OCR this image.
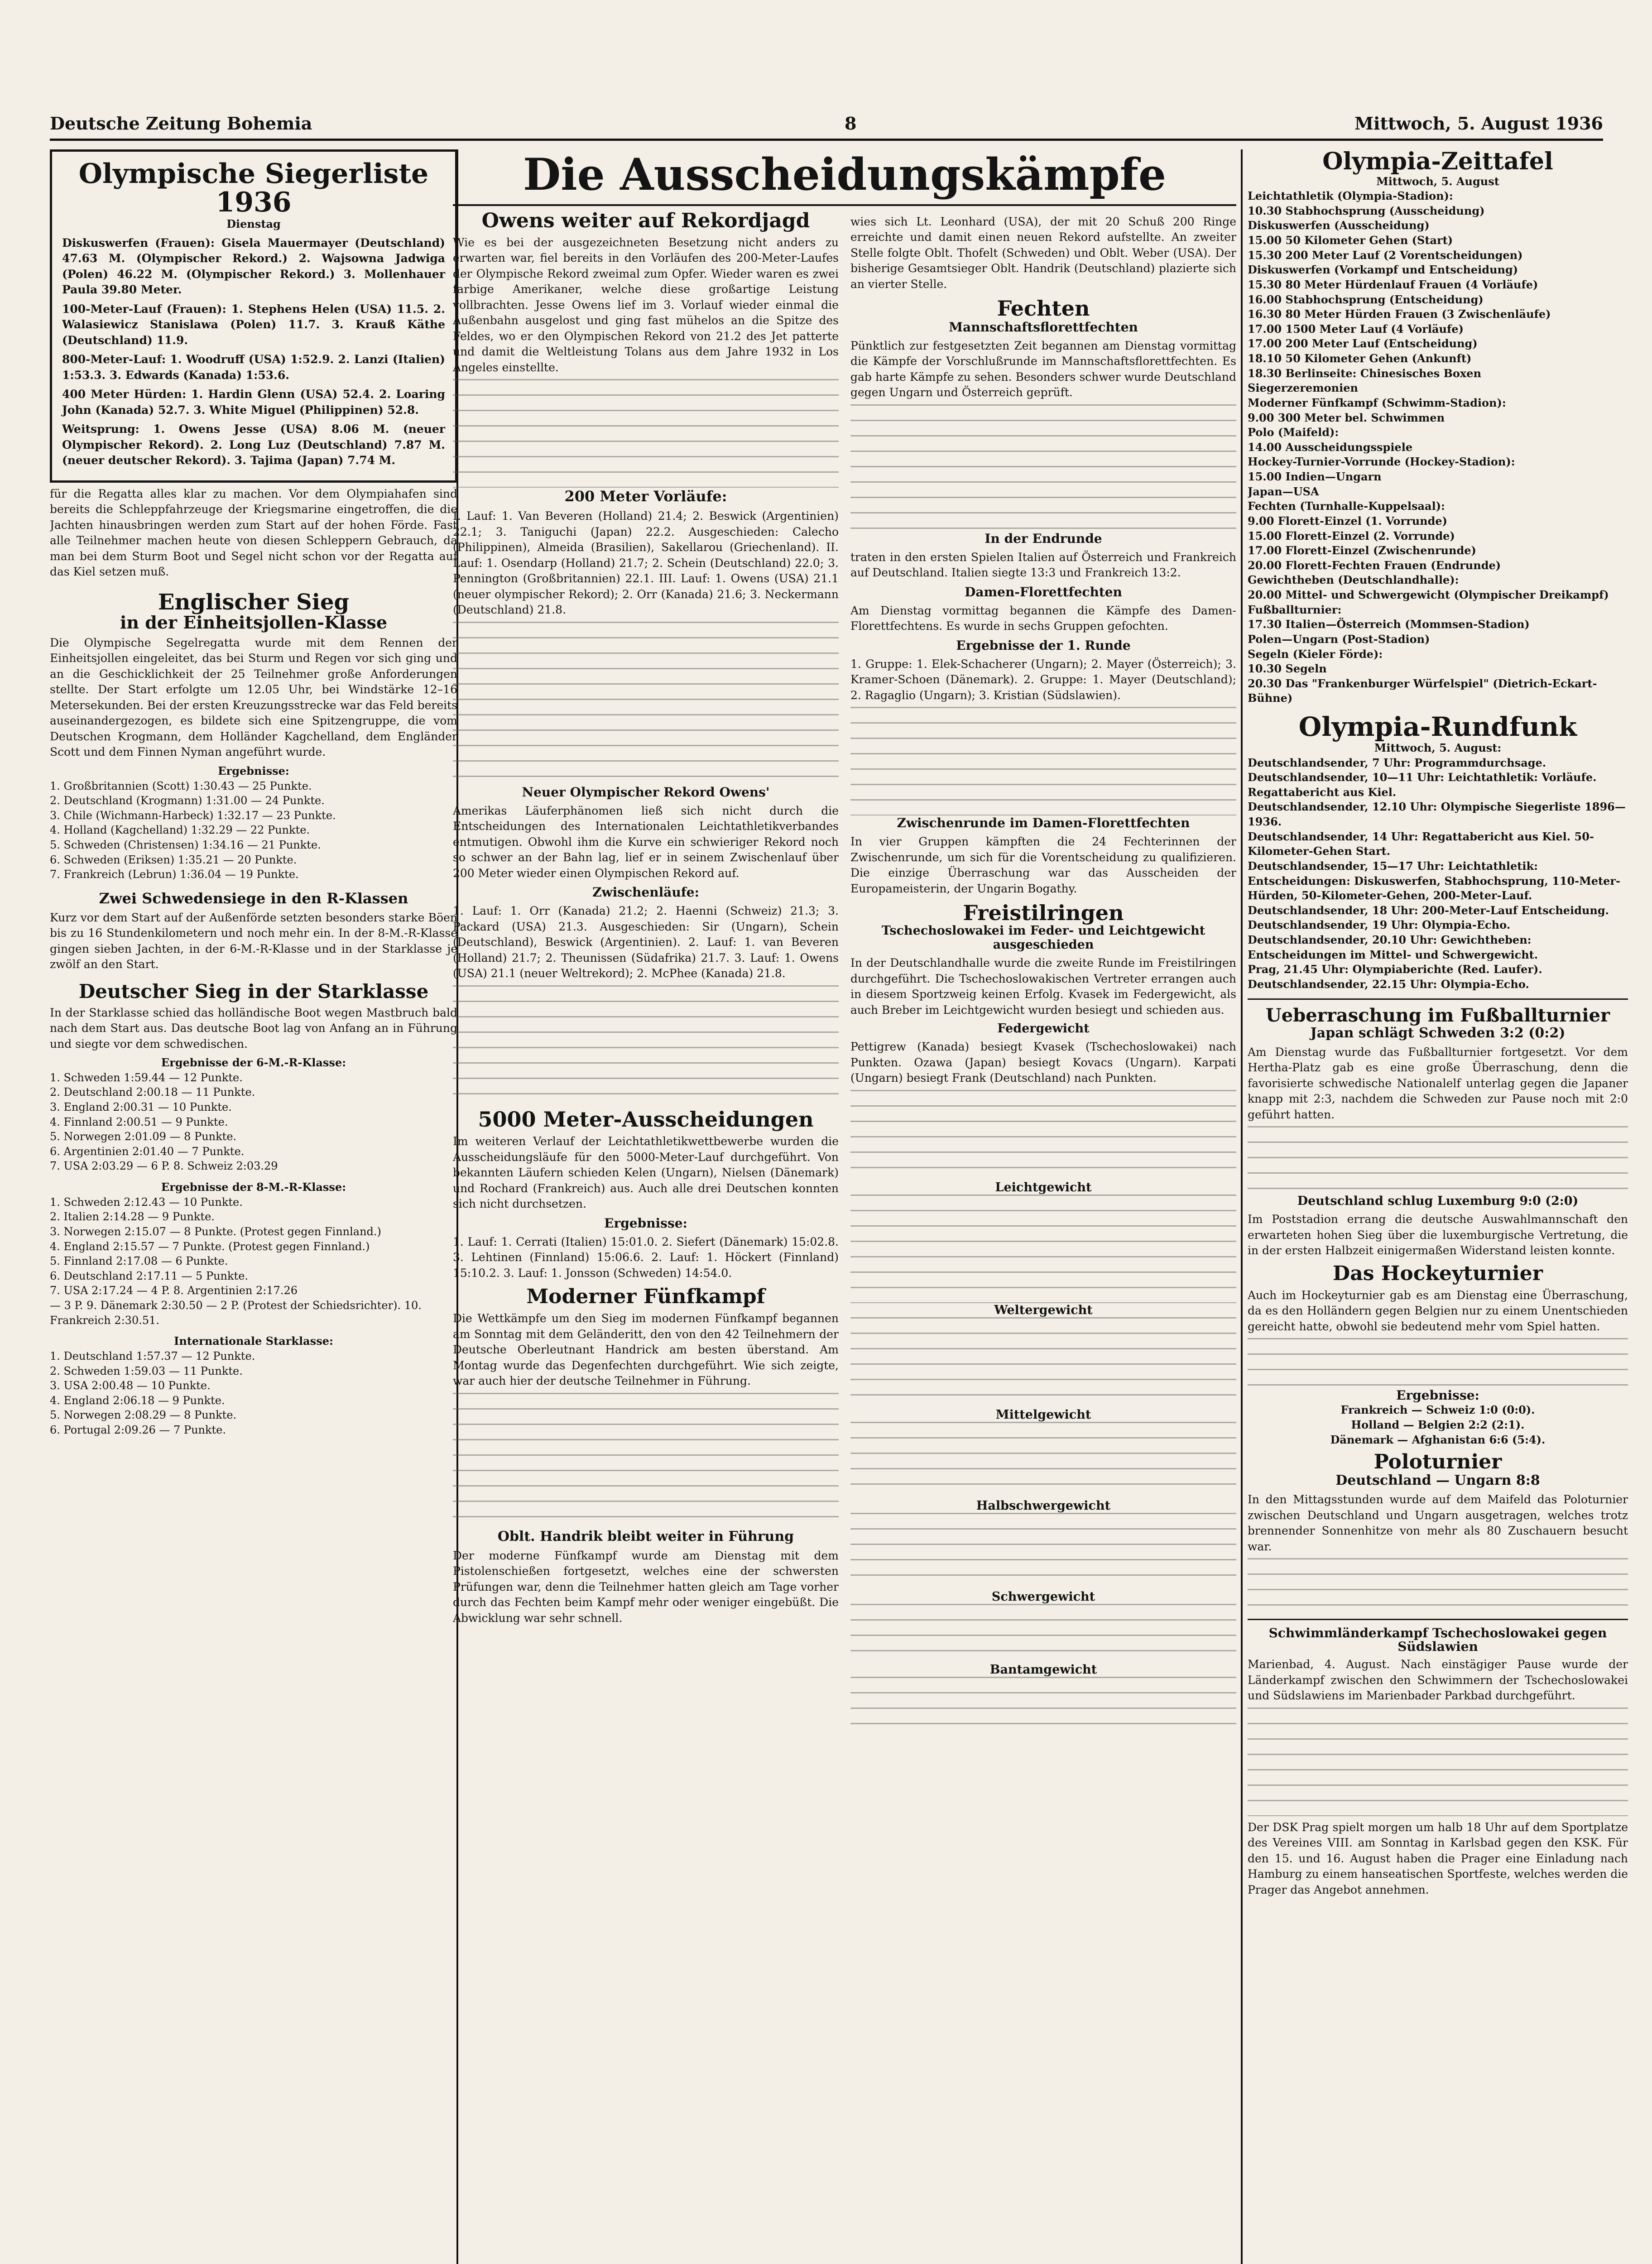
Deutsche Zeitung Bohemia	8	Mittwoch, 5. August 1936
Olympische Siegerliste 1936
Dienstag

Diskuswerfen (Frauen): Gisela Mauermayer (Deutschland) 47.63 M. (Olympischer Rekord.) 2. Wajsowna Jadwiga (Polen) 46.22 M. (Olympischer Rekord.) 3. Mollenhauer Paula 39.80 Meter.

100-Meter-Lauf (Frauen): 1. Stephens Helen (USA) 11.5. 2. Walasiewicz Stanislawa (Polen) 11.7. 3. Krauß Käthe (Deutschland) 11.9.

800-Meter-Lauf: 1. Woodruff (USA) 1:52.9. 2. Lanzi (Italien) 1:53.3. 3. Edwards (Kanada) 1:53.6.

400 Meter Hürden: 1. Hardin Glenn (USA) 52.4. 2. Loaring John (Kanada) 52.7. 3. White Miguel (Philippinen) 52.8.

Weitsprung: 1. Owens Jesse (USA) 8.06 M. (neuer Olympischer Rekord). 2. Long Luz (Deutschland) 7.87 M. (neuer deutscher Rekord). 3. Tajima (Japan) 7.74 M.

für die Regatta alles klar zu machen. Vor dem Olympiahafen sind bereits die Schleppfahrzeuge der Kriegsmarine eingetroffen, die die Jachten hinausbringen werden zum Start auf der hohen Förde. Fast alle Teilnehmer machen heute von diesen Schleppern Gebrauch, da man bei dem Sturm Boot und Segel nicht schon vor der Regatta auf das Kiel setzen muß.

Englischer Sieg
in der Einheitsjollen-Klasse

Die Olympische Segelregatta wurde mit dem Rennen der Einheitsjollen eingeleitet, das bei Sturm und Regen vor sich ging und an die Geschicklichkeit der 25 Teilnehmer große Anforderungen stellte. Der Start erfolgte um 12.05 Uhr, bei Windstärke 12–16 Metersekunden. Bei der ersten Kreuzungsstrecke war das Feld bereits auseinandergezogen, es bildete sich eine Spitzengruppe, die vom Deutschen Krogmann, dem Holländer Kagchelland, dem Engländer Scott und dem Finnen Nyman angeführt wurde.

Ergebnisse:

1. Großbritannien (Scott) 1:30.43 — 25 Punkte.

2. Deutschland (Krogmann) 1:31.00 — 24 Punkte.

3. Chile (Wichmann-Harbeck) 1:32.17 — 23 Punkte.

4. Holland (Kagchelland) 1:32.29 — 22 Punkte.

5. Schweden (Christensen) 1:34.16 — 21 Punkte.

6. Schweden (Eriksen) 1:35.21 — 20 Punkte.

7. Frankreich (Lebrun) 1:36.04 — 19 Punkte.

Zwei Schwedensiege in den R-Klassen

Kurz vor dem Start auf der Außenförde setzten besonders starke Böen bis zu 16 Stundenkilometern und noch mehr ein. In der 8-M.-R-Klasse gingen sieben Jachten, in der 6-M.-R-Klasse und in der Starklasse je zwölf an den Start.

Deutscher Sieg in der Starklasse

In der Starklasse schied das holländische Boot wegen Mastbruch bald nach dem Start aus. Das deutsche Boot lag von Anfang an in Führung und siegte vor dem schwedischen.

Ergebnisse der 6-M.-R-Klasse:

1. Schweden 1:59.44 — 12 Punkte.

2. Deutschland 2:00.18 — 11 Punkte.

3. England 2:00.31 — 10 Punkte.

4. Finnland 2:00.51 — 9 Punkte.

5. Norwegen 2:01.09 — 8 Punkte.

6. Argentinien 2:01.40 — 7 Punkte.

7. USA 2:03.29 — 6 P. 8. Schweiz 2:03.29

Ergebnisse der 8-M.-R-Klasse:

1. Schweden 2:12.43 — 10 Punkte.

2. Italien 2:14.28 — 9 Punkte.

3. Norwegen 2:15.07 — 8 Punkte. (Protest gegen Finnland.)

4. England 2:15.57 — 7 Punkte. (Protest gegen Finnland.)

5. Finnland 2:17.08 — 6 Punkte.

6. Deutschland 2:17.11 — 5 Punkte.

7. USA 2:17.24 — 4 P. 8. Argentinien 2:17.26

— 3 P. 9. Dänemark 2:30.50 — 2 P. (Protest der Schiedsrichter). 10. Frankreich 2:30.51.

Internationale Starklasse:

1. Deutschland 1:57.37 — 12 Punkte.

2. Schweden 1:59.03 — 11 Punkte.

3. USA 2:00.48 — 10 Punkte.

4. England 2:06.18 — 9 Punkte.

5. Norwegen 2:08.29 — 8 Punkte.

6. Portugal 2:09.26 — 7 Punkte.

Die Ausscheidungskämpfe
Owens weiter auf Rekordjagd

Wie es bei der ausgezeichneten Besetzung nicht anders zu erwarten war, fiel bereits in den Vorläufen des 200-Meter-Laufes der Olympische Rekord zweimal zum Opfer. Wieder waren es zwei farbige Amerikaner, welche diese großartige Leistung vollbrachten. Jesse Owens lief im 3. Vorlauf wieder einmal die Außenbahn ausgelost und ging fast mühelos an die Spitze des Feldes, wo er den Olympischen Rekord von 21.2 des Jet patterte und damit die Weltleistung Tolans aus dem Jahre 1932 in Los Angeles einstellte.

200 Meter Vorläufe:

I. Lauf: 1. Van Beveren (Holland) 21.4; 2. Beswick (Argentinien) 22.1; 3. Taniguchi (Japan) 22.2. Ausgeschieden: Calecho (Philippinen), Almeida (Brasilien), Sakellarou (Griechenland). II. Lauf: 1. Osendarp (Holland) 21.7; 2. Schein (Deutschland) 22.0; 3. Pennington (Großbritannien) 22.1. III. Lauf: 1. Owens (USA) 21.1 (neuer olympischer Rekord); 2. Orr (Kanada) 21.6; 3. Neckermann (Deutschland) 21.8.

Neuer Olympischer Rekord Owens'

Amerikas Läuferphänomen ließ sich nicht durch die Entscheidungen des Internationalen Leichtathletikverbandes entmutigen. Obwohl ihm die Kurve ein schwieriger Rekord noch so schwer an der Bahn lag, lief er in seinem Zwischenlauf über 200 Meter wieder einen Olympischen Rekord auf.

Zwischenläufe:

1. Lauf: 1. Orr (Kanada) 21.2; 2. Haenni (Schweiz) 21.3; 3. Packard (USA) 21.3. Ausgeschieden: Sir (Ungarn), Schein (Deutschland), Beswick (Argentinien). 2. Lauf: 1. van Beveren (Holland) 21.7; 2. Theunissen (Südafrika) 21.7. 3. Lauf: 1. Owens (USA) 21.1 (neuer Weltrekord); 2. McPhee (Kanada) 21.8.

5000 Meter-Ausscheidungen

Im weiteren Verlauf der Leichtathletikwettbewerbe wurden die Ausscheidungsläufe für den 5000-Meter-Lauf durchgeführt. Von bekannten Läufern schieden Kelen (Ungarn), Nielsen (Dänemark) und Rochard (Frankreich) aus. Auch alle drei Deutschen konnten sich nicht durchsetzen.

Ergebnisse:

1. Lauf: 1. Cerrati (Italien) 15:01.0. 2. Siefert (Dänemark) 15:02.8. 3. Lehtinen (Finnland) 15:06.6. 2. Lauf: 1. Höckert (Finnland) 15:10.2. 3. Lauf: 1. Jonsson (Schweden) 14:54.0.

Moderner Fünfkampf

Die Wettkämpfe um den Sieg im modernen Fünfkampf begannen am Sonntag mit dem Geländeritt, den von den 42 Teilnehmern der Deutsche Oberleutnant Handrick am besten überstand. Am Montag wurde das Degenfechten durchgeführt. Wie sich zeigte, war auch hier der deutsche Teilnehmer in Führung.

Oblt. Handrik bleibt weiter in Führung

Der moderne Fünfkampf wurde am Dienstag mit dem Pistolenschießen fortgesetzt, welches eine der schwersten Prüfungen war, denn die Teilnehmer hatten gleich am Tage vorher durch das Fechten beim Kampf mehr oder weniger eingebüßt. Die Abwicklung war sehr schnell.

wies sich Lt. Leonhard (USA), der mit 20 Schuß 200 Ringe erreichte und damit einen neuen Rekord aufstellte. An zweiter Stelle folgte Oblt. Thofelt (Schweden) und Oblt. Weber (USA). Der bisherige Gesamtsieger Oblt. Handrik (Deutschland) plazierte sich an vierter Stelle.

Fechten
Mannschaftsflorettfechten

Pünktlich zur festgesetzten Zeit begannen am Dienstag vormittag die Kämpfe der Vorschlußrunde im Mannschaftsflorettfechten. Es gab harte Kämpfe zu sehen. Besonders schwer wurde Deutschland gegen Ungarn und Österreich geprüft.

In der Endrunde

traten in den ersten Spielen Italien auf Österreich und Frankreich auf Deutschland. Italien siegte 13:3 und Frankreich 13:2.

Damen-Florettfechten

Am Dienstag vormittag begannen die Kämpfe des Damen-Florettfechtens. Es wurde in sechs Gruppen gefochten.

Ergebnisse der 1. Runde

1. Gruppe: 1. Elek-Schacherer (Ungarn); 2. Mayer (Österreich); 3. Kramer-Schoen (Dänemark). 2. Gruppe: 1. Mayer (Deutschland); 2. Ragaglio (Ungarn); 3. Kristian (Südslawien).

Zwischenrunde im Damen-Florettfechten

In vier Gruppen kämpften die 24 Fechterinnen der Zwischenrunde, um sich für die Vorentscheidung zu qualifizieren. Die einzige Überraschung war das Ausscheiden der Europameisterin, der Ungarin Bogathy.

Freistilringen
Tschechoslowakei im Feder- und Leichtgewicht ausgeschieden

In der Deutschlandhalle wurde die zweite Runde im Freistilringen durchgeführt. Die Tschechoslowakischen Vertreter errangen auch in diesem Sportzweig keinen Erfolg. Kvasek im Federgewicht, als auch Breber im Leichtgewicht wurden besiegt und schieden aus.

Federgewicht

Pettigrew (Kanada) besiegt Kvasek (Tschechoslowakei) nach Punkten. Ozawa (Japan) besiegt Kovacs (Ungarn). Karpati (Ungarn) besiegt Frank (Deutschland) nach Punkten.

Leichtgewicht
Weltergewicht
Mittelgewicht
Halbschwergewicht
Schwergewicht
Bantamgewicht
Olympia-Zeittafel
Mittwoch, 5. August

Leichtathletik (Olympia-Stadion):

10.30 Stabhochsprung (Ausscheidung)

Diskuswerfen (Ausscheidung)

15.00 50 Kilometer Gehen (Start)

15.30 200 Meter Lauf (2 Vorentscheidungen)

Diskuswerfen (Vorkampf und Entscheidung)

15.30 80 Meter Hürdenlauf Frauen (4 Vorläufe)

16.00 Stabhochsprung (Entscheidung)

16.30 80 Meter Hürden Frauen (3 Zwischenläufe)

17.00 1500 Meter Lauf (4 Vorläufe)

17.00 200 Meter Lauf (Entscheidung)

18.10 50 Kilometer Gehen (Ankunft)

18.30 Berlinseite: Chinesisches Boxen

Siegerzeremonien

Moderner Fünfkampf (Schwimm-Stadion):

9.00 300 Meter bel. Schwimmen

Polo (Maifeld):

14.00 Ausscheidungsspiele

Hockey-Turnier-Vorrunde (Hockey-Stadion):

15.00 Indien—Ungarn

Japan—USA

Fechten (Turnhalle-Kuppelsaal):

9.00 Florett-Einzel (1. Vorrunde)

15.00 Florett-Einzel (2. Vorrunde)

17.00 Florett-Einzel (Zwischenrunde)

20.00 Florett-Fechten Frauen (Endrunde)

Gewichtheben (Deutschlandhalle):

20.00 Mittel- und Schwergewicht (Olympischer Dreikampf)

Fußballturnier:

17.30 Italien—Österreich (Mommsen-Stadion)

Polen—Ungarn (Post-Stadion)

Segeln (Kieler Förde):

10.30 Segeln

20.30 Das "Frankenburger Würfelspiel" (Dietrich-Eckart-Bühne)

Olympia-Rundfunk
Mittwoch, 5. August:

Deutschlandsender, 7 Uhr: Programmdurchsage.

Deutschlandsender, 10—11 Uhr: Leichtathletik: Vorläufe. Regattabericht aus Kiel.

Deutschlandsender, 12.10 Uhr: Olympische Siegerliste 1896—1936.

Deutschlandsender, 14 Uhr: Regattabericht aus Kiel. 50-Kilometer-Gehen Start.

Deutschlandsender, 15—17 Uhr: Leichtathletik: Entscheidungen: Diskuswerfen, Stabhochsprung, 110-Meter-Hürden, 50-Kilometer-Gehen, 200-Meter-Lauf.

Deutschlandsender, 18 Uhr: 200-Meter-Lauf Entscheidung.

Deutschlandsender, 19 Uhr: Olympia-Echo.

Deutschlandsender, 20.10 Uhr: Gewichtheben: Entscheidungen im Mittel- und Schwergewicht.

Prag, 21.45 Uhr: Olympiaberichte (Red. Laufer).

Deutschlandsender, 22.15 Uhr: Olympia-Echo.

Ueberraschung im Fußballturnier
Japan schlägt Schweden 3:2 (0:2)

Am Dienstag wurde das Fußballturnier fortgesetzt. Vor dem Hertha-Platz gab es eine große Überraschung, denn die favorisierte schwedische Nationalelf unterlag gegen die Japaner knapp mit 2:3, nachdem die Schweden zur Pause noch mit 2:0 geführt hatten.

Deutschland schlug Luxemburg 9:0 (2:0)

Im Poststadion errang die deutsche Auswahlmannschaft den erwarteten hohen Sieg über die luxemburgische Vertretung, die in der ersten Halbzeit einigermaßen Widerstand leisten konnte.

Das Hockeyturnier

Auch im Hockeyturnier gab es am Dienstag eine Überraschung, da es den Holländern gegen Belgien nur zu einem Unentschieden gereicht hatte, obwohl sie bedeutend mehr vom Spiel hatten.

Ergebnisse:

Frankreich — Schweiz 1:0 (0:0).

Holland — Belgien 2:2 (2:1).

Dänemark — Afghanistan 6:6 (5:4).

Poloturnier
Deutschland — Ungarn 8:8

In den Mittagsstunden wurde auf dem Maifeld das Poloturnier zwischen Deutschland und Ungarn ausgetragen, welches trotz brennender Sonnenhitze von mehr als 80 Zuschauern besucht war.

Schwimmländerkampf Tschechoslowakei gegen Südslawien

Marienbad, 4. August. Nach einstägiger Pause wurde der Länderkampf zwischen den Schwimmern der Tschechoslowakei und Südslawiens im Marienbader Parkbad durchgeführt.

Der DSK Prag spielt morgen um halb 18 Uhr auf dem Sportplatze des Vereines VIII. am Sonntag in Karlsbad gegen den KSK. Für den 15. und 16. August haben die Prager eine Einladung nach Hamburg zu einem hanseatischen Sportfeste, welches werden die Prager das Angebot annehmen.
